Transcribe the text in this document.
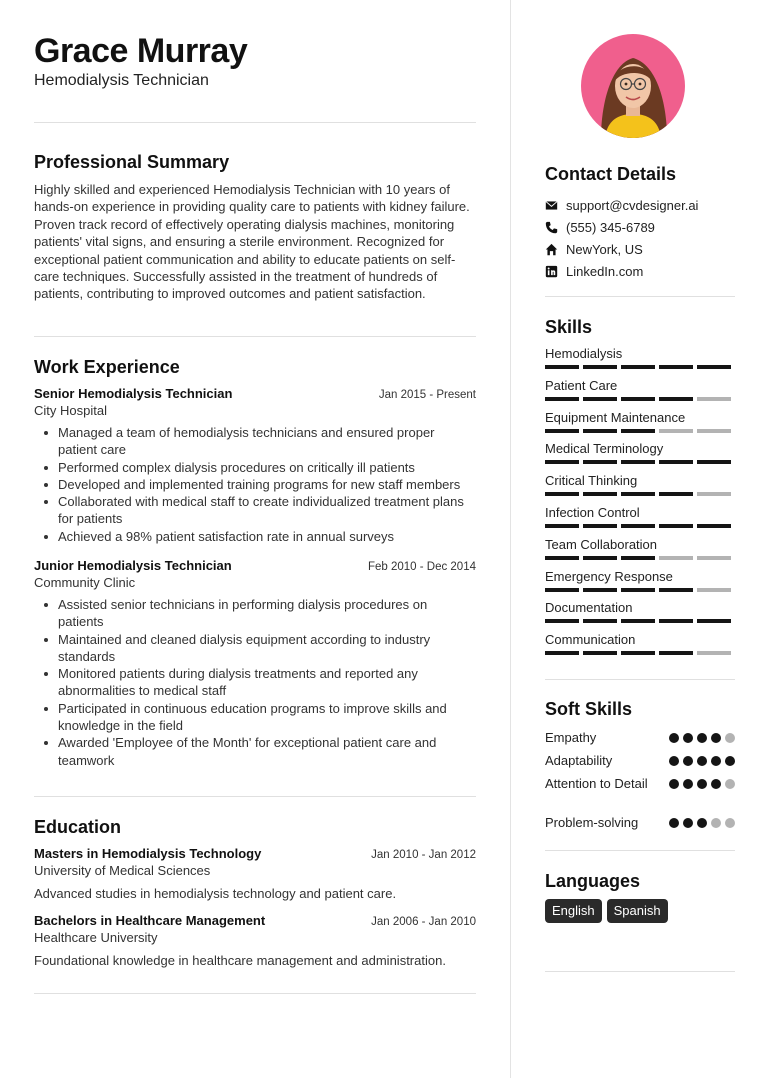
Grace Murray
Hemodialysis Technician
Professional Summary
Highly skilled and experienced Hemodialysis Technician with 10 years of hands-on experience in providing quality care to patients with kidney failure. Proven track record of effectively operating dialysis machines, monitoring patients' vital signs, and ensuring a sterile environment. Recognized for exceptional patient communication and ability to educate patients on self-care techniques. Successfully assisted in the treatment of hundreds of patients, contributing to improved outcomes and patient satisfaction.
Work Experience
Senior Hemodialysis Technician	Jan 2015 - Present
City Hospital
Managed a team of hemodialysis technicians and ensured proper patient care
Performed complex dialysis procedures on critically ill patients
Developed and implemented training programs for new staff members
Collaborated with medical staff to create individualized treatment plans for patients
Achieved a 98% patient satisfaction rate in annual surveys
Junior Hemodialysis Technician	Feb 2010 - Dec 2014
Community Clinic
Assisted senior technicians in performing dialysis procedures on patients
Maintained and cleaned dialysis equipment according to industry standards
Monitored patients during dialysis treatments and reported any abnormalities to medical staff
Participated in continuous education programs to improve skills and knowledge in the field
Awarded 'Employee of the Month' for exceptional patient care and teamwork
Education
Masters in Hemodialysis Technology	Jan 2010 - Jan 2012
University of Medical Sciences
Advanced studies in hemodialysis technology and patient care.
Bachelors in Healthcare Management	Jan 2006 - Jan 2010
Healthcare University
Foundational knowledge in healthcare management and administration.
Contact Details
support@cvdesigner.ai
(555) 345-6789
NewYork, US
LinkedIn.com
Skills
Hemodialysis
Patient Care
Equipment Maintenance
Medical Terminology
Critical Thinking
Infection Control
Team Collaboration
Emergency Response
Documentation
Communication
Soft Skills
Empathy
Adaptability
Attention to Detail
Problem-solving
Languages
English	Spanish
